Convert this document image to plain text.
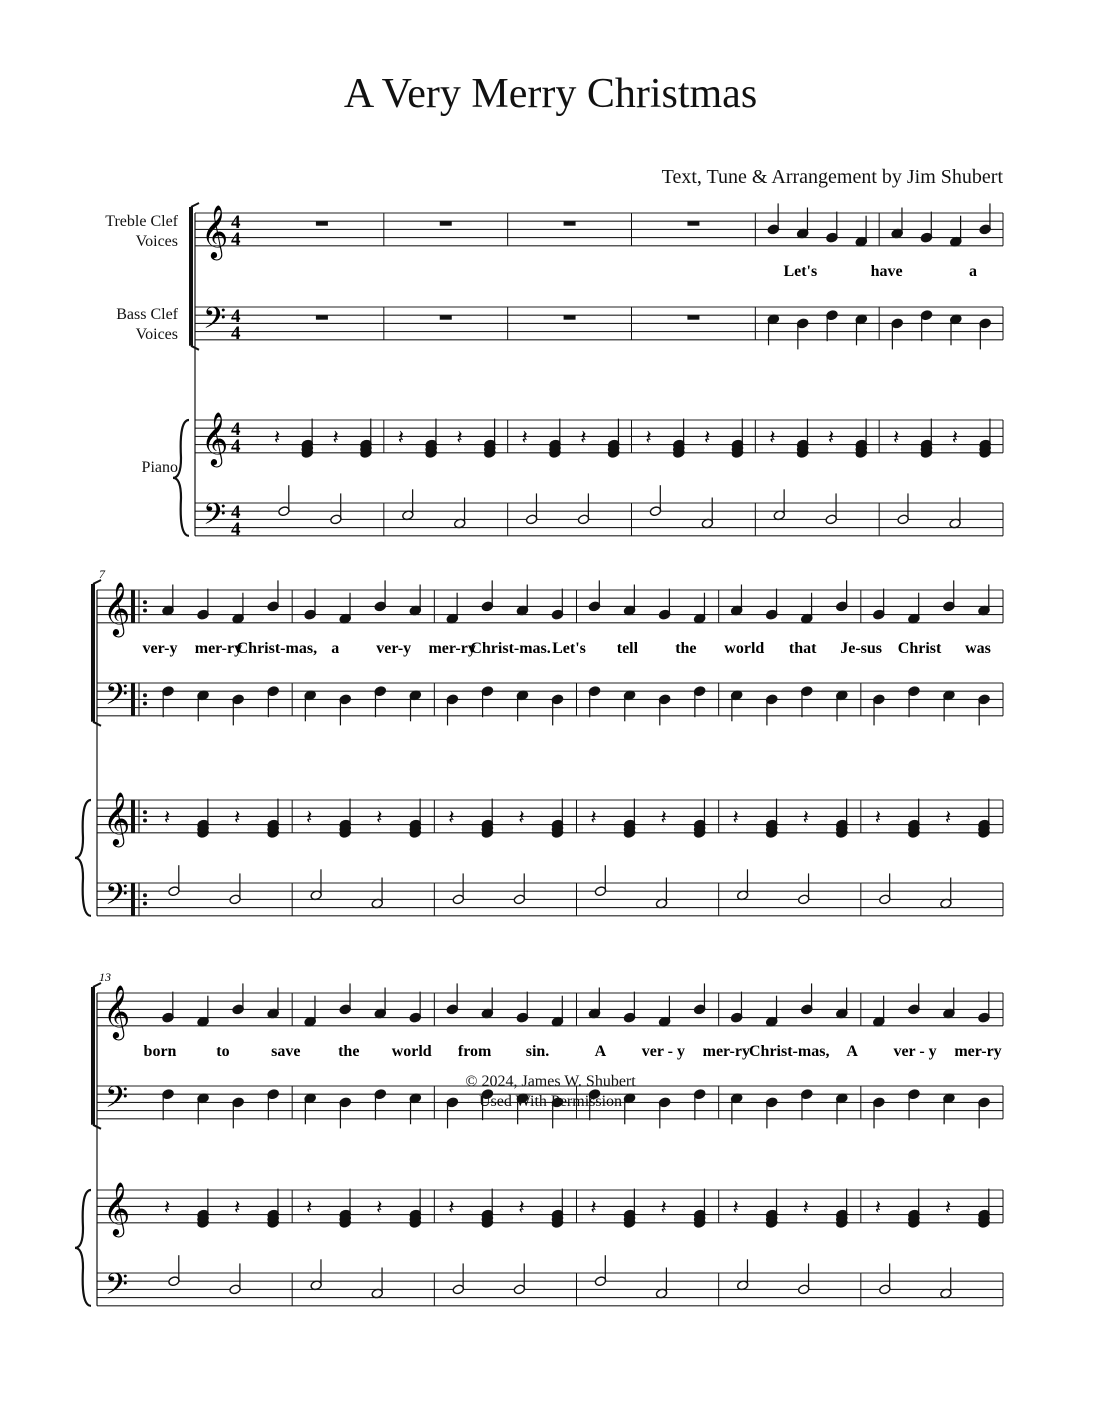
A Very Merry Christmas
Text, Tune & Arrangement by Jim Shubert
Treble Clef
Voices
Bass Clef
Voices
Piano
𝄞 4
4
𝄢 4
4
𝄞 4
4
𝄢 4
4
𝄽	𝄽	𝄽	𝄽	𝄽	𝄽	𝄽	𝄽	𝄽	𝄽	𝄽	𝄽
Let's	have	a
𝄞
𝄢
𝄞
𝄢
7
𝄽	𝄽	𝄽	𝄽	𝄽	𝄽	𝄽	𝄽	𝄽	𝄽	𝄽	𝄽
ver-y mer-ry
Christ-mas, a ver-y mer-ry
Christ-mas. Let's tell the world that Je-sus Christ was
𝄞
𝄢
𝄞
𝄢
13
𝄽	𝄽	𝄽	𝄽	𝄽	𝄽	𝄽	𝄽	𝄽	𝄽	𝄽	𝄽
born to	save the world from sin.	A ver - y mer-ry Christ-mas, A ver - y mer-ry
© 2024, James W. Shubert
Used With Permission
